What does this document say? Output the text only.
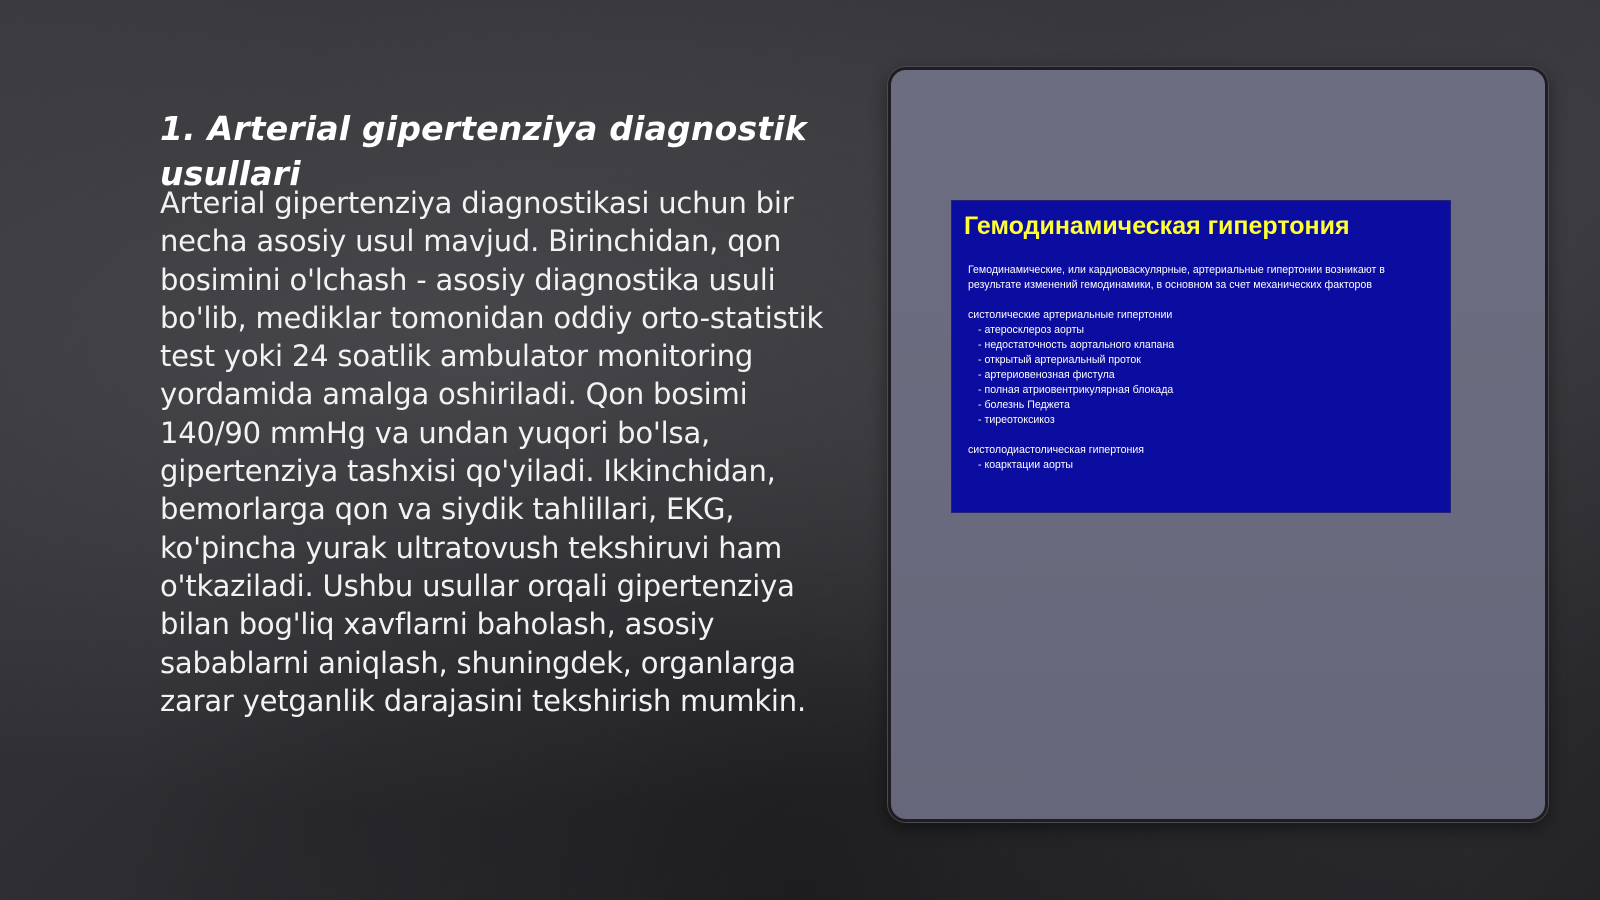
1. Arterial gipertenziya diagnostik usullari

Arterial gipertenziya diagnostikasi uchun bir necha asosiy usul mavjud. Birinchidan, qon bosimini o'lchash - asosiy diagnostika usuli bo'lib, mediklar tomonidan oddiy orto-statistik test yoki 24 soatlik ambulator monitoring yordamida amalga oshiriladi. Qon bosimi 140/90 mmHg va undan yuqori bo'lsa, gipertenziya tashxisi qo'yiladi. Ikkinchidan, bemorlarga qon va siydik tahlillari, EKG, ko'pincha yurak ultratovush tekshiruvi ham o'tkaziladi. Ushbu usullar orqali gipertenziya bilan bog'liq xavflarni baholash, asosiy sabablarni aniqlash, shuningdek, organlarga zarar yetganlik darajasini tekshirish mumkin.

Гемодинамическая гипертония
Гемодинамические, или кардиоваскулярные, артериальные гипертонии возникают в результате изменений гемодинамики, в основном за счет механических факторов
систолические артериальные гипертонии
- атеросклероз аорты
- недостаточность аортального клапана
- открытый артериальный проток
- артериовенозная фистула
- полная атриовентрикулярная блокада
- болезнь Педжета
- тиреотоксикоз
систолодиастолическая гипертония
- коарктации аорты
